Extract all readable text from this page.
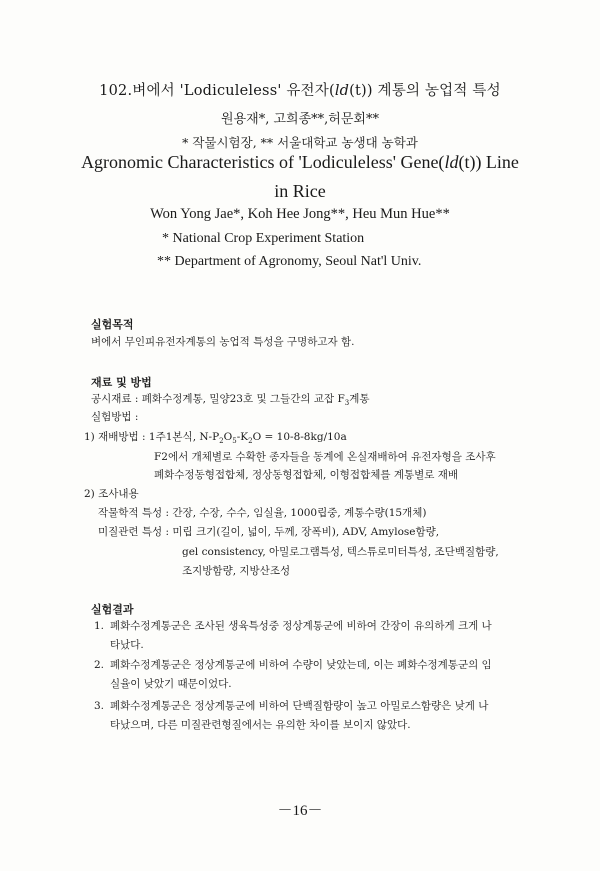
102.벼에서 'Lodiculeless' 유전자(ld(t)) 계통의 농업적 특성
원용재*, 고희종**,허문회**
* 작물시험장, ** 서울대학교 농생대 농학과
Agronomic Characteristics of 'Lodiculeless' Gene(ld(t)) Line
in Rice
Won Yong Jae*, Koh Hee Jong**, Heu Mun Hue**
* National Crop Experiment Station
** Department of Agronomy, Seoul Nat'l Univ.
실험목적
벼에서 무인피유전자계통의 농업적 특성을 구명하고자 함.
재료 및 방법
공시재료 : 폐화수정계통, 밀양23호 및 그들간의 교잡 $F_3$계통
실험방법 :
1) 재배방법 : 1주1본식, $N-P_2O_5-K_2O = 10-8-8kg/10a$
F2에서 개체별로 수확한 종자들을 동계에 온실재배하여 유전자형을 조사후
폐화수정동형접합체, 정상동형접합체, 이형접합체를 계통별로 재배
2) 조사내용
작물학적 특성 : 간장, 수장, 수수, 임실율, 1000립중, 계통수량(15개체)
미질관련 특성 : 미립 크기(길이, 넓이, 두께, 장폭비), ADV, Amylose함량,
gel consistency, 아밀로그램특성, 텍스튜로미터특성, 조단백질함량,
조지방함량, 지방산조성
실험결과
1. 폐화수정계통군은 조사된 생육특성중 정상계통군에 비하여 간장이 유의하게 크게 나
타났다.
2. 폐화수정계통군은 정상계통군에 비하여 수량이 낮았는데, 이는 폐화수정계통군의 임
실율이 낮았기 때문이었다.
3. 폐화수정계통군은 정상계통군에 비하여 단백질함량이 높고 아밀로스함량은 낮게 나
타났으며, 다른 미질관련형질에서는 유의한 차이를 보이지 않았다.
－16－
